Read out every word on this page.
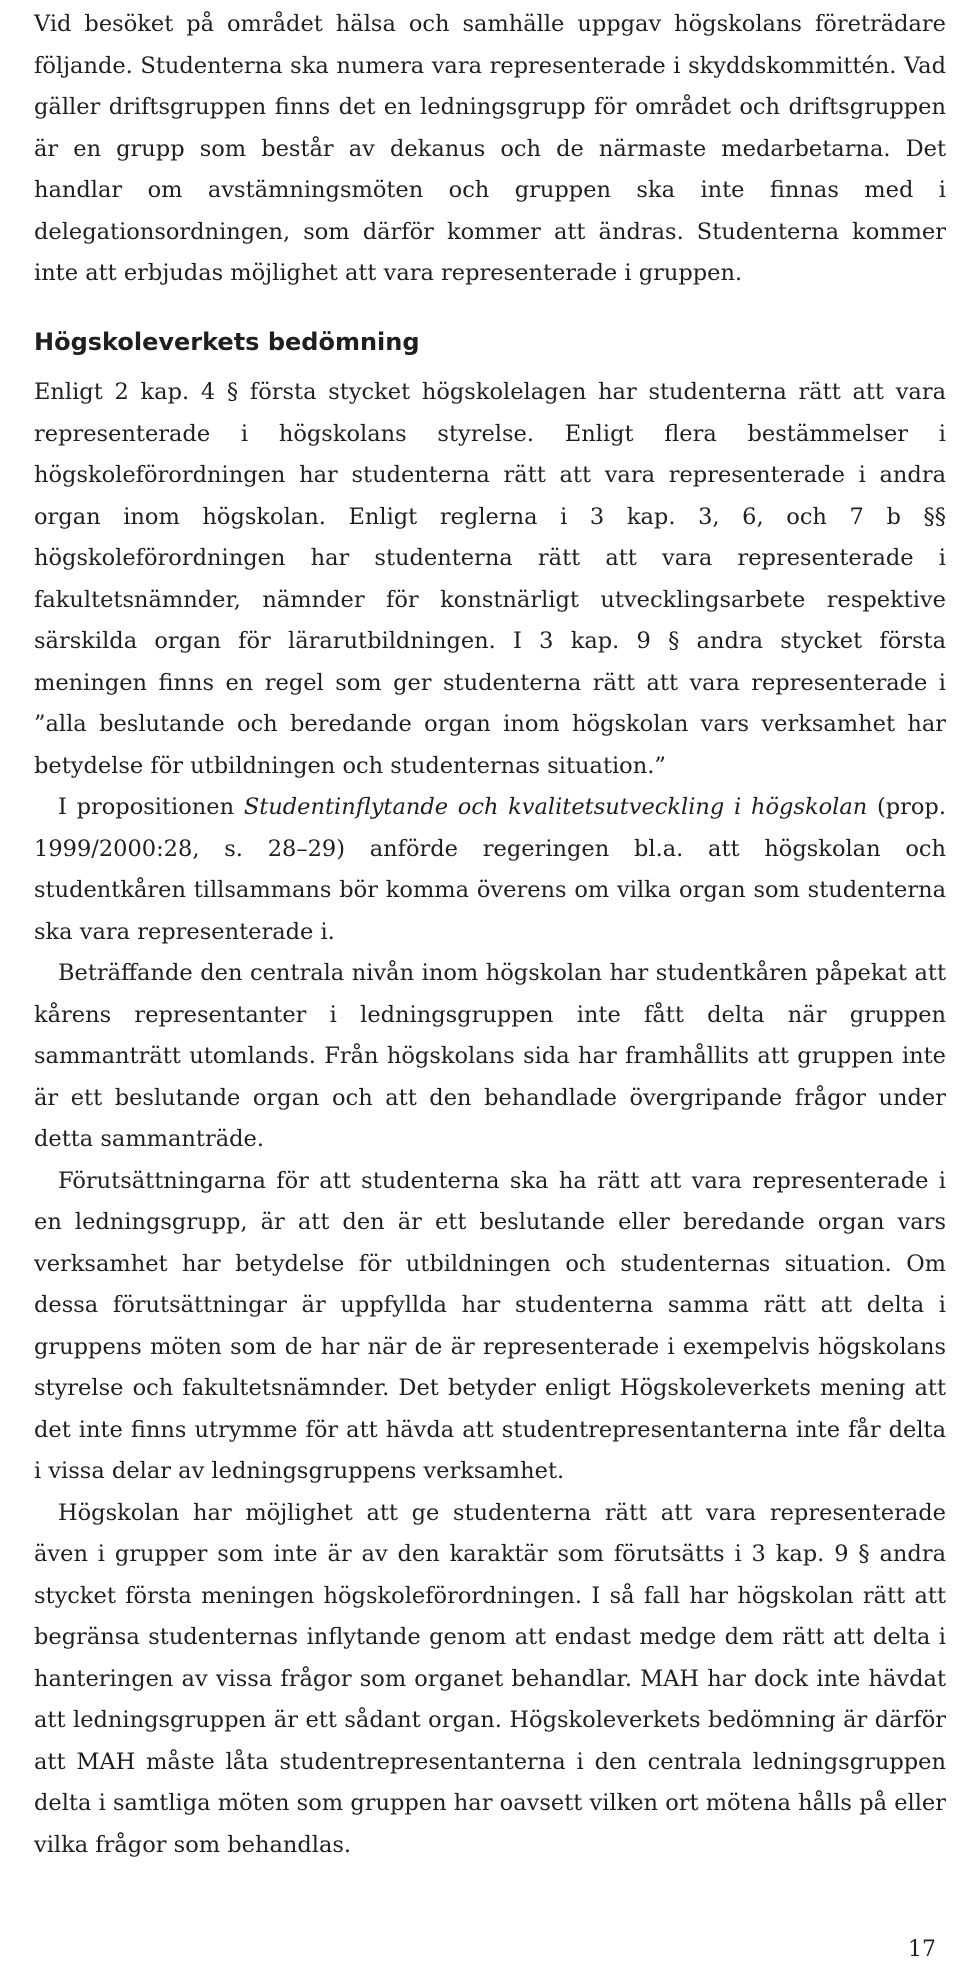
Vid besöket på området hälsa och samhälle uppgav högskolans företrädare följande. Studenterna ska numera vara representerade i skyddskommittén. Vad gäller driftsgruppen finns det en ledningsgrupp för området och driftsgruppen är en grupp som består av dekanus och de närmaste medarbetarna. Det handlar om avstämningsmöten och gruppen ska inte finnas med i delegationsordningen, som därför kommer att ändras. Studenterna kommer inte att erbjudas möjlighet att vara representerade i gruppen.

Högskoleverkets bedömning

Enligt 2 kap. 4 § första stycket högskolelagen har studenterna rätt att vara representerade i högskolans styrelse. Enligt flera bestämmelser i högskoleförordningen har studenterna rätt att vara representerade i andra organ inom högskolan. Enligt reglerna i 3 kap. 3, 6, och 7 b §§ högskoleförordningen har studenterna rätt att vara representerade i fakultetsnämnder, nämnder för konstnärligt utvecklingsarbete respektive särskilda organ för lärarutbildningen. I 3 kap. 9 § andra stycket första meningen finns en regel som ger studenterna rätt att vara representerade i ”alla beslutande och beredande organ inom högskolan vars verksamhet har betydelse för utbildningen och studenternas situation.”

I propositionen Studentinflytande och kvalitetsutveckling i högskolan (prop. 1999/2000:28, s. 28–29) anförde regeringen bl.a. att högskolan och studentkåren tillsammans bör komma överens om vilka organ som studenterna ska vara representerade i.

Beträffande den centrala nivån inom högskolan har studentkåren påpekat att kårens representanter i ledningsgruppen inte fått delta när gruppen sammanträtt utomlands. Från högskolans sida har framhållits att gruppen inte är ett beslutande organ och att den behandlade övergripande frågor under detta sammanträde.

Förutsättningarna för att studenterna ska ha rätt att vara representerade i en ledningsgrupp, är att den är ett beslutande eller beredande organ vars verksamhet har betydelse för utbildningen och studenternas situation. Om dessa förutsättningar är uppfyllda har studenterna samma rätt att delta i gruppens möten som de har när de är representerade i exempelvis högskolans styrelse och fakultetsnämnder. Det betyder enligt Högskoleverkets mening att det inte finns utrymme för att hävda att studentrepresentanterna inte får delta i vissa delar av ledningsgruppens verksamhet.

Högskolan har möjlighet att ge studenterna rätt att vara representerade även i grupper som inte är av den karaktär som förutsätts i 3 kap. 9 § andra stycket första meningen högskoleförordningen. I så fall har högskolan rätt att begränsa studenternas inflytande genom att endast medge dem rätt att delta i hanteringen av vissa frågor som organet behandlar. MAH har dock inte hävdat att ledningsgruppen är ett sådant organ. Högskoleverkets bedömning är därför att MAH måste låta studentrepresentanterna i den centrala ledningsgruppen delta i samtliga möten som gruppen har oavsett vilken ort mötena hålls på eller vilka frågor som behandlas.

17
